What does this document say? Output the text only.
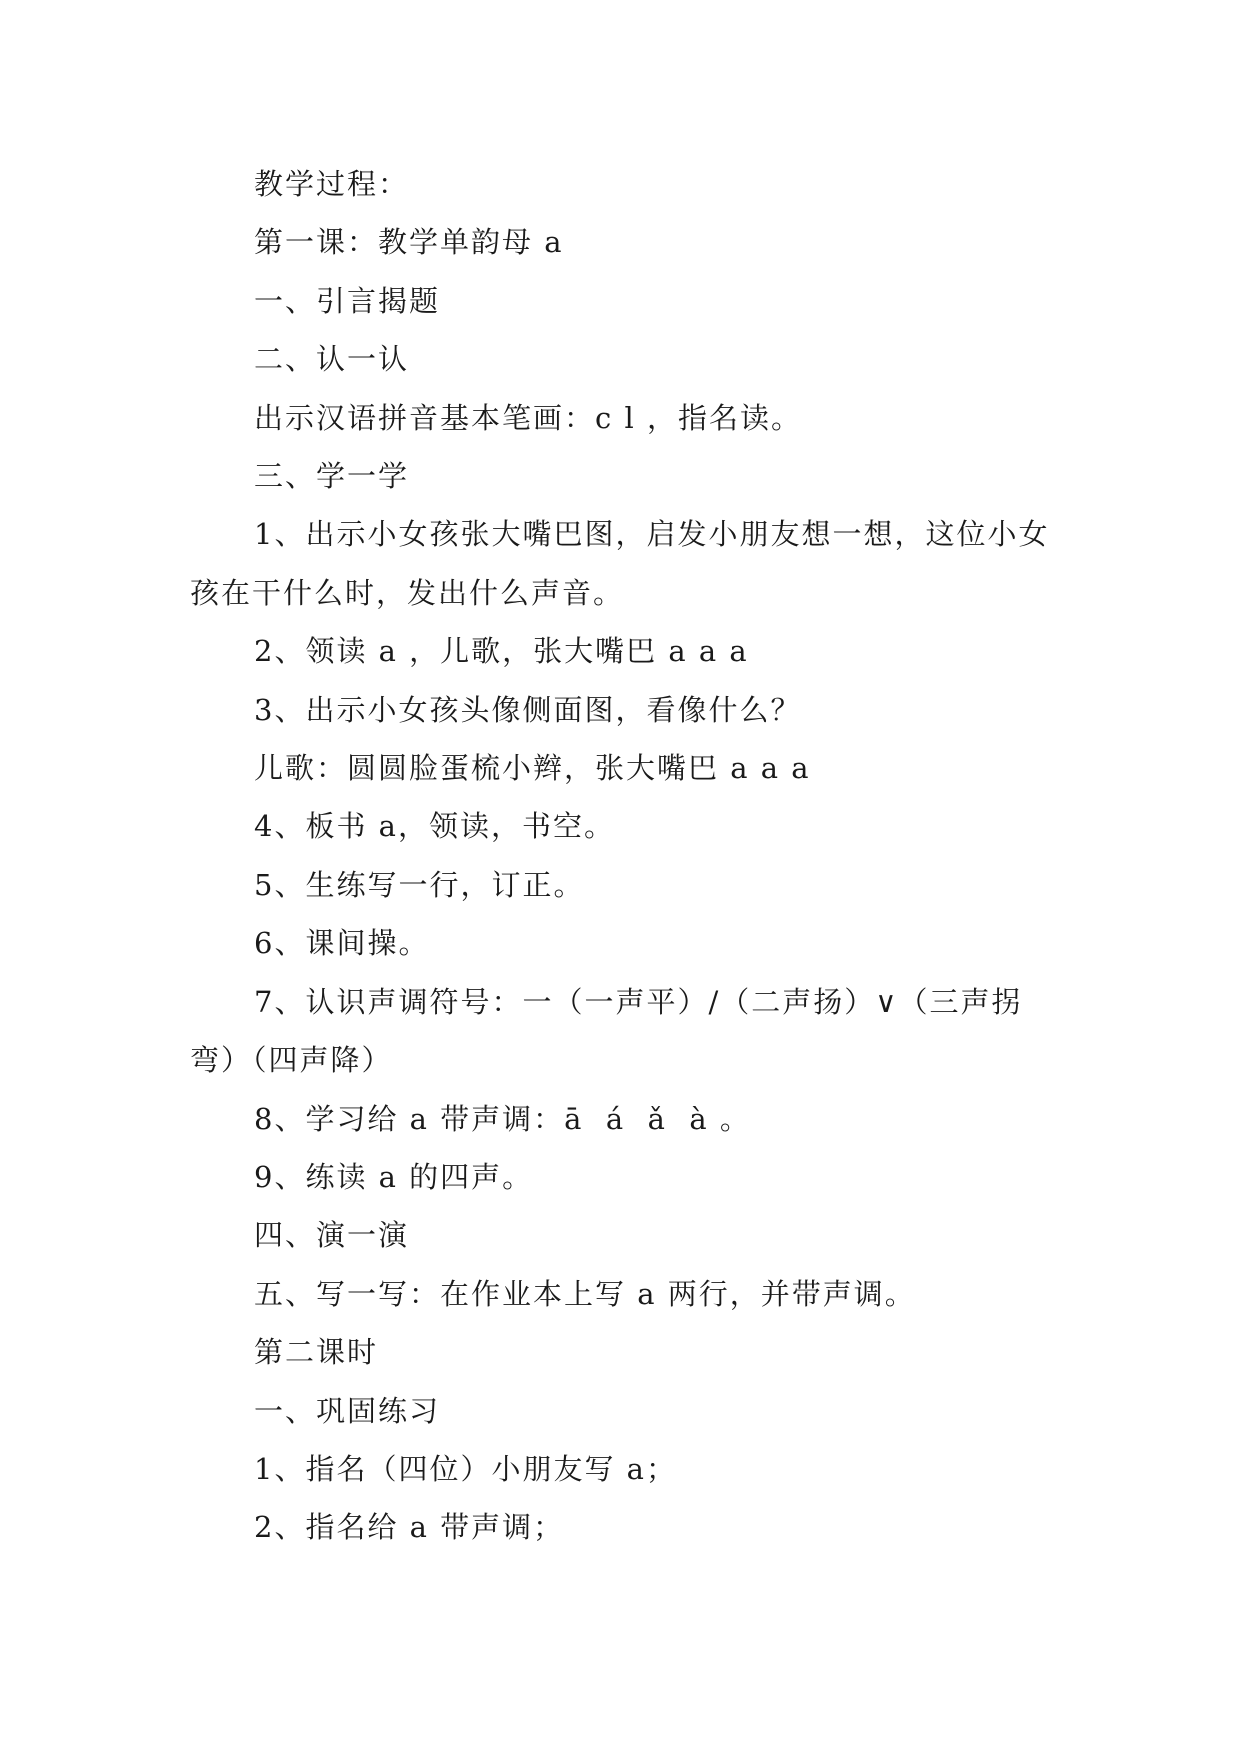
教学过程：

第一课：教学单韵母 a

一、引言揭题

二、认一认

出示汉语拼音基本笔画：c l ，指名读。

三、学一学

1、出示小女孩张大嘴巴图，启发小朋友想一想，这位小女孩在干什么时，发出什么声音。

2、领读 a ，儿歌，张大嘴巴 a a a

3、出示小女孩头像侧面图，看像什么？

儿歌：圆圆脸蛋梳小辫，张大嘴巴 a a a

4、板书 a，领读，书空。

5、生练写一行，订正。

6、课间操。

7、认识声调符号：一（一声平）/（二声扬）∨（三声拐弯）（四声降）

8、学习给 a 带声调：ā  á  ǎ  à 。

9、练读 a 的四声。

四、演一演

五、写一写：在作业本上写 a 两行，并带声调。

第二课时

一、巩固练习

1、指名（四位）小朋友写 a；

2、指名给 a 带声调；
